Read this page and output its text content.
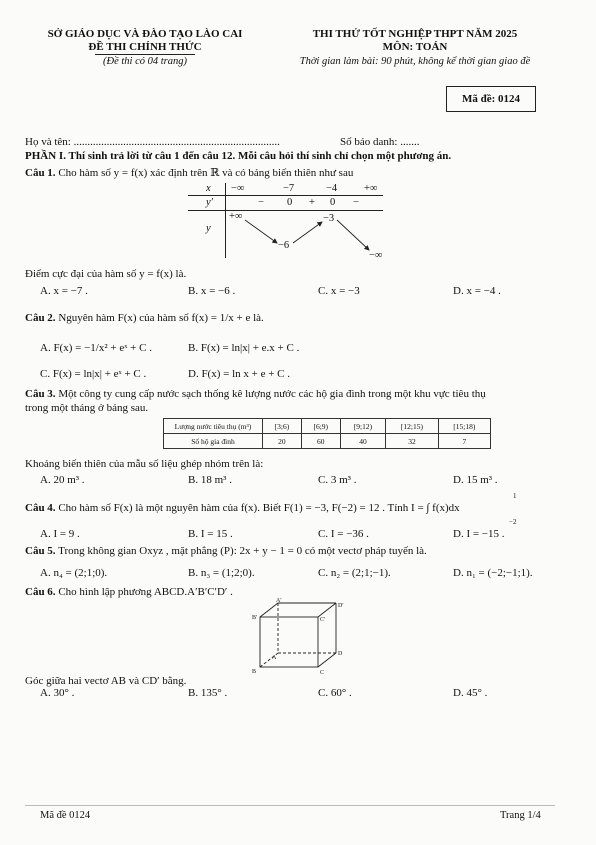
SỞ GIÁO DỤC VÀ ĐÀO TẠO LÀO CAI
ĐỀ THI CHÍNH THỨC
(Đề thi có 04 trang)
THI THỬ TỐT NGHIỆP THPT NĂM 2025
MÔN: TOÁN
Thời gian làm bài: 90 phút, không kể thời gian giao đề
Mã đề: 0124
Họ và tên: ...........................................................................	Số báo danh: .......
PHẦN I. Thí sinh trả lời từ câu 1 đến câu 12. Mỗi câu hỏi thí sinh chỉ chọn một phương án.
Câu 1. Cho hàm số y = f(x) xác định trên ℝ và có bảng biến thiên như sau
x −∞	−7	−4	+∞
y′	− 0 + 0 −
y
+∞
−6
−3
−∞
Điểm cực đại của hàm số y = f(x) là.
A. x = −7 .	B. x = −6 .	C. x = −3	D. x = −4 .
Câu 2. Nguyên hàm F(x) của hàm số f(x) = 1/x + e là.
A. F(x) = −1/x² + eˣ + C .	B. F(x) = ln|x| + e.x + C .
C. F(x) = ln|x| + eˣ + C .	D. F(x) = ln x + e + C .
Câu 3. Một công ty cung cấp nước sạch thống kê lượng nước các hộ gia đình trong một khu vực tiêu thụ
trong một tháng ở bảng sau.
Lượng nước tiêu thụ (m³)	[3;6)	[6;9)	[9;12)	[12;15)	[15;18)
Số hộ gia đình	20	60	40	32	7
Khoảng biến thiên của mẫu số liệu ghép nhóm trên là:
A. 20 m³ .	B. 18 m³ .	C. 3 m³ .	D. 15 m³ .
Câu 4. Cho hàm số F(x) là một nguyên hàm của f(x). Biết F(1) = −3, F(−2) = 12 . Tính I = ∫ f(x)dx
1
−2
A. I = 9 .	B. I = 15 .	C. I = −36 .	D. I = −15 .
Câu 5. Trong không gian Oxyz , mặt phẳng (P): 2x + y − 1 = 0 có một vectơ pháp tuyến là.
A. n₄ = (2;1;0).	B. n₃ = (1;2;0).	C. n₂ = (2;1;−1).	D. n₁ = (−2;−1;1).
Câu 6. Cho hình lập phương ABCD.A′B′C′D′ .
A'
D'
B'	C'
A
D
B	C
Góc giữa hai vectơ AB và CD′ bằng.
A. 30° .	B. 135° .	C. 60° .	D. 45° .
Mã đề 0124	Trang 1/4
